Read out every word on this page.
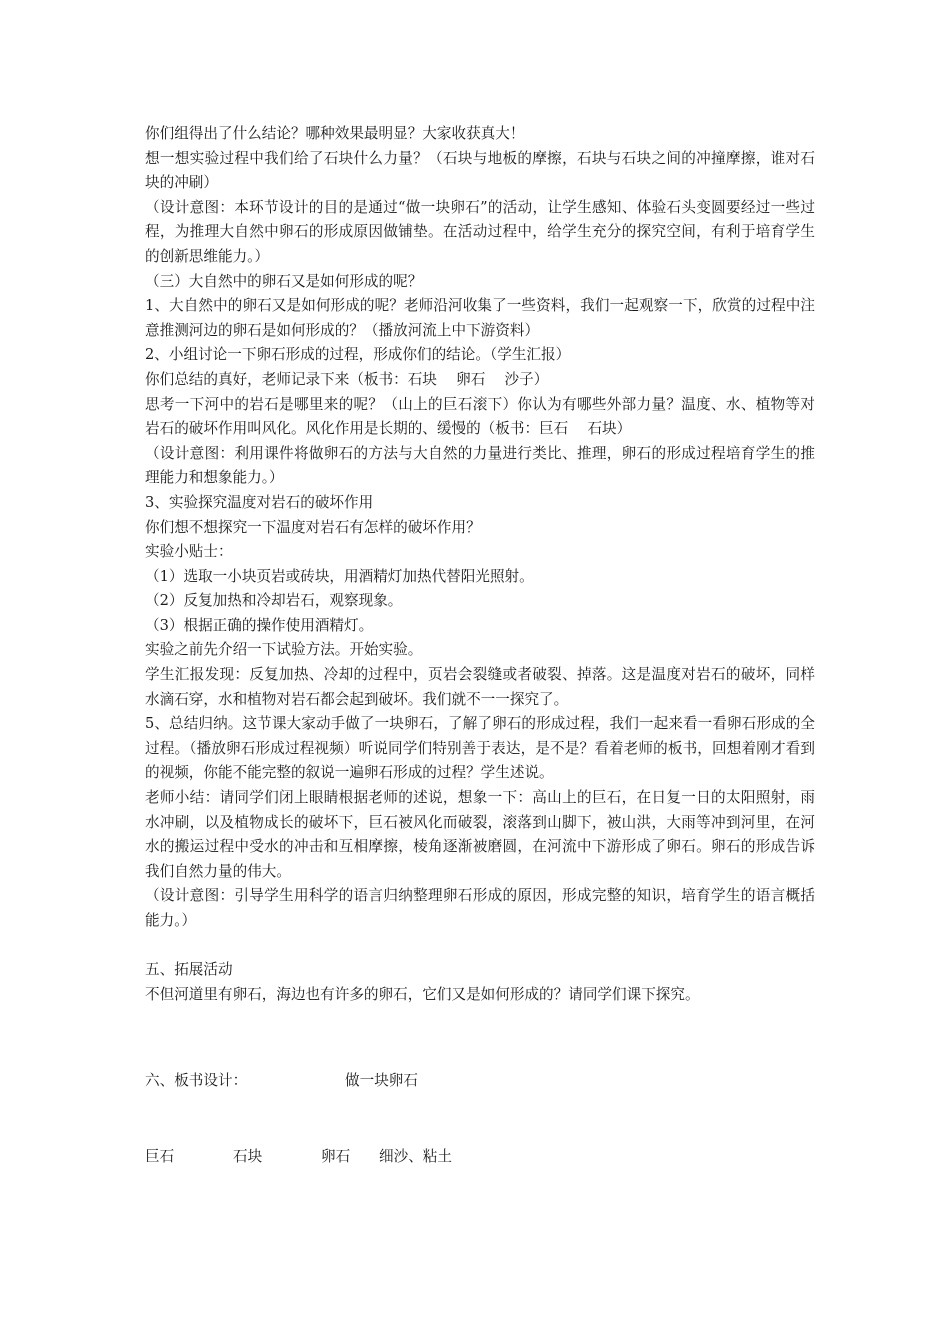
你们组得出了什么结论？哪种效果最明显？大家收获真大！

想一想实验过程中我们给了石块什么力量？（石块与地板的摩擦，石块与石块之间的冲撞摩擦，谁对石块的冲刷）

（设计意图：本环节设计的目的是通过“做一块卵石”的活动，让学生感知、体验石头变圆要经过一些过程，为推理大自然中卵石的形成原因做铺垫。在活动过程中，给学生充分的探究空间，有利于培育学生的创新思维能力。）

（三）大自然中的卵石又是如何形成的呢？

1、大自然中的卵石又是如何形成的呢？老师沿河收集了一些资料，我们一起观察一下，欣赏的过程中注意推测河边的卵石是如何形成的？（播放河流上中下游资料）

2、小组讨论一下卵石形成的过程，形成你们的结论。（学生汇报）

你们总结的真好，老师记录下来（板书：石块　 卵石　 沙子）

思考一下河中的岩石是哪里来的呢？（山上的巨石滚下）你认为有哪些外部力量？温度、水、植物等对岩石的破坏作用叫风化。风化作用是长期的、缓慢的（板书：巨石　 石块）

（设计意图：利用课件将做卵石的方法与大自然的力量进行类比、推理，卵石的形成过程培育学生的推理能力和想象能力。）

3、实验探究温度对岩石的破坏作用

你们想不想探究一下温度对岩石有怎样的破坏作用？

实验小贴士：

（1）选取一小块页岩或砖块，用酒精灯加热代替阳光照射。

（2）反复加热和冷却岩石，观察现象。

（3）根据正确的操作使用酒精灯。

实验之前先介绍一下试验方法。开始实验。

学生汇报发现：反复加热、冷却的过程中，页岩会裂缝或者破裂、掉落。这是温度对岩石的破坏，同样水滴石穿，水和植物对岩石都会起到破坏。我们就不一一探究了。

5、总结归纳。这节课大家动手做了一块卵石，了解了卵石的形成过程，我们一起来看一看卵石形成的全过程。（播放卵石形成过程视频）听说同学们特别善于表达，是不是？看着老师的板书，回想着刚才看到的视频，你能不能完整的叙说一遍卵石形成的过程？学生述说。

老师小结：请同学们闭上眼睛根据老师的述说，想象一下：高山上的巨石，在日复一日的太阳照射，雨水冲刷，以及植物成长的破坏下，巨石被风化而破裂，滚落到山脚下，被山洪，大雨等冲到河里，在河水的搬运过程中受水的冲击和互相摩擦，棱角逐渐被磨圆，在河流中下游形成了卵石。卵石的形成告诉我们自然力量的伟大。

（设计意图：引导学生用科学的语言归纳整理卵石形成的原因，形成完整的知识，培育学生的语言概括能力。）

五、拓展活动

不但河道里有卵石，海边也有许多的卵石，它们又是如何形成的？请同学们课下探究。

六、板书设计：	做一块卵石
巨石	石块	卵石 细沙、粘土
